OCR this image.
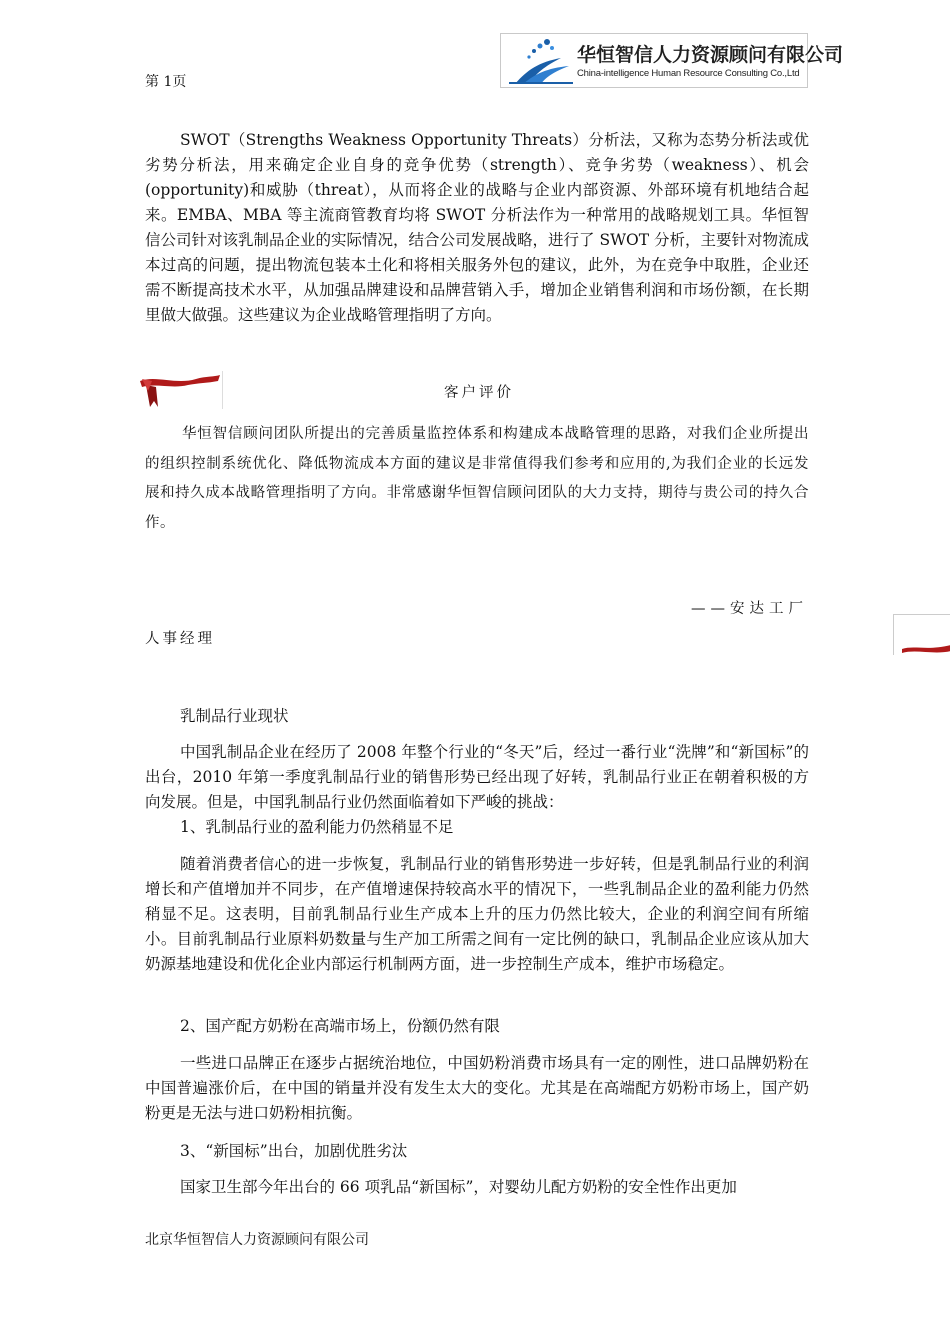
第 1页
华恒智信人力资源顾问有限公司
China-intelligence Human Resource Consulting Co.,Ltd
SWOT（Strengths Weakness Opportunity Threats）分析法，又称为态势分析法或优劣势分析法，用来确定企业自身的竞争优势（strength）、竞争劣势（weakness）、机会(opportunity)和威胁（threat），从而将企业的战略与企业内部资源、外部环境有机地结合起来。EMBA、MBA 等主流商管教育均将 SWOT 分析法作为一种常用的战略规划工具。华恒智信公司针对该乳制品企业的实际情况，结合公司发展战略，进行了 SWOT 分析，主要针对物流成本过高的问题，提出物流包装本土化和将相关服务外包的建议，此外，为在竞争中取胜，企业还需不断提高技术水平，从加强品牌建设和品牌营销入手，增加企业销售利润和市场份额，在长期里做大做强。这些建议为企业战略管理指明了方向。
客户评价
华恒智信顾问团队所提出的完善质量监控体系和构建成本战略管理的思路，对我们企业所提出的组织控制系统优化、降低物流成本方面的建议是非常值得我们参考和应用的,为我们企业的长远发展和持久成本战略管理指明了方向。非常感谢华恒智信顾问团队的大力支持，期待与贵公司的持久合作。
——安达工厂
人事经理
乳制品行业现状
中国乳制品企业在经历了 2008 年整个行业的“冬天”后，经过一番行业“洗牌”和“新国标”的出台，2010 年第一季度乳制品行业的销售形势已经出现了好转，乳制品行业正在朝着积极的方向发展。但是，中国乳制品行业仍然面临着如下严峻的挑战：
1、乳制品行业的盈利能力仍然稍显不足
随着消费者信心的进一步恢复，乳制品行业的销售形势进一步好转，但是乳制品行业的利润增长和产值增加并不同步，在产值增速保持较高水平的情况下，一些乳制品企业的盈利能力仍然稍显不足。这表明，目前乳制品行业生产成本上升的压力仍然比较大，企业的利润空间有所缩小。目前乳制品行业原料奶数量与生产加工所需之间有一定比例的缺口，乳制品企业应该从加大奶源基地建设和优化企业内部运行机制两方面，进一步控制生产成本，维护市场稳定。
2、国产配方奶粉在高端市场上，份额仍然有限
一些进口品牌正在逐步占据统治地位，中国奶粉消费市场具有一定的刚性，进口品牌奶粉在中国普遍涨价后，在中国的销量并没有发生太大的变化。尤其是在高端配方奶粉市场上，国产奶粉更是无法与进口奶粉相抗衡。
3、“新国标”出台，加剧优胜劣汰
国家卫生部今年出台的 66 项乳品“新国标”，对婴幼儿配方奶粉的安全性作出更加
北京华恒智信人力资源顾问有限公司
